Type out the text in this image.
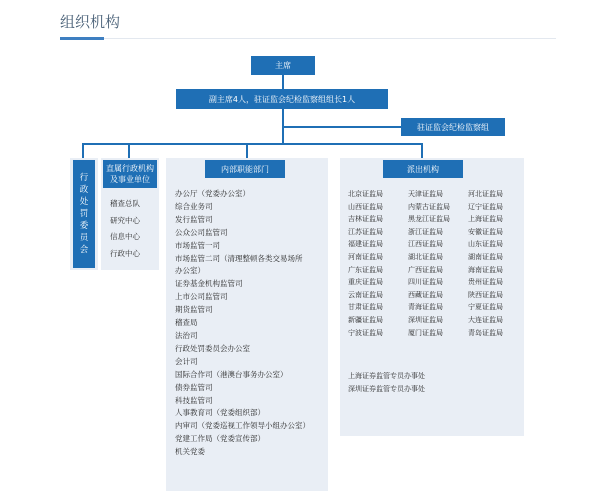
组织机构
主席
副主席4人，驻证监会纪检监察组组长1人
驻证监会纪检监察组
行政处罚委员会
直属行政机构及事业单位
稽查总队
研究中心
信息中心
行政中心
内部职能部门
办公厅（党委办公室）
综合业务司
发行监管司
公众公司监管司
市场监管一司
市场监管二司（清理整顿各类交易场所
办公室）
证券基金机构监管司
上市公司监管司
期货监管司
稽查局
法治司
行政处罚委员会办公室
会计司
国际合作司（港澳台事务办公室）
债券监管司
科技监管司
人事教育司（党委组织部）
内审司（党委巡视工作领导小组办公室）
党建工作局（党委宣传部）
机关党委
派出机构
北京证监局	天津证监局	河北证监局
山西证监局	内蒙古证监局	辽宁证监局
吉林证监局	黑龙江证监局	上海证监局
江苏证监局	浙江证监局	安徽证监局
福建证监局	江西证监局	山东证监局
河南证监局	湖北证监局	湖南证监局
广东证监局	广西证监局	海南证监局
重庆证监局	四川证监局	贵州证监局
云南证监局	西藏证监局	陕西证监局
甘肃证监局	青海证监局	宁夏证监局
新疆证监局	深圳证监局	大连证监局
宁波证监局	厦门证监局	青岛证监局
上海证券监管专员办事处
深圳证券监管专员办事处
